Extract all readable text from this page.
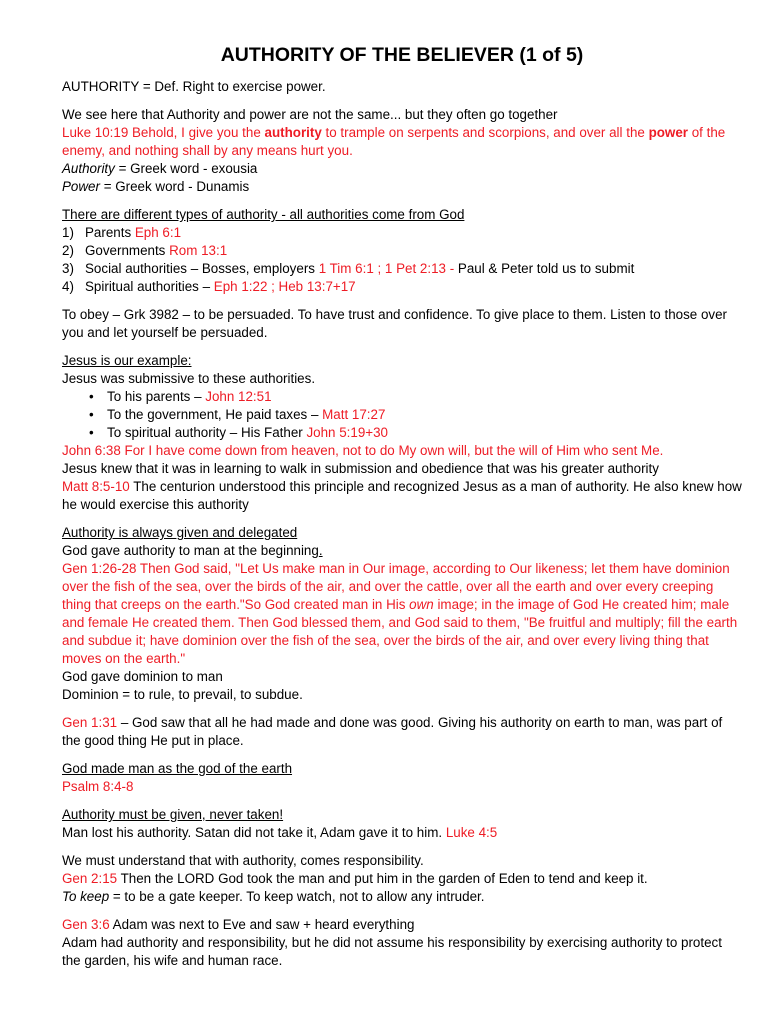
AUTHORITY OF THE BELIEVER (1 of 5)

AUTHORITY = Def. Right to exercise power.

We see here that Authority and power are not the same... but they often go together

Luke 10:19 Behold, I give you the authority to trample on serpents and scorpions, and over all the power of the enemy, and nothing shall by any means hurt you.

Authority = Greek word - exousia

Power = Greek word - Dunamis

There are different types of authority - all authorities come from God

1) Parents Eph 6:1

2) Governments Rom 13:1

3) Social authorities – Bosses, employers 1 Tim 6:1 ; 1 Pet 2:13 - Paul & Peter told us to submit

4) Spiritual authorities – Eph 1:22 ; Heb 13:7+17

To obey – Grk 3982 – to be persuaded. To have trust and confidence. To give place to them. Listen to those over you and let yourself be persuaded.

Jesus is our example:

Jesus was submissive to these authorities.

• To his parents – John 12:51

• To the government, He paid taxes – Matt 17:27

• To spiritual authority – His Father John 5:19+30

John 6:38 For I have come down from heaven, not to do My own will, but the will of Him who sent Me.

Jesus knew that it was in learning to walk in submission and obedience that was his greater authority

Matt 8:5-10 The centurion understood this principle and recognized Jesus as a man of authority. He also knew how he would exercise this authority

Authority is always given and delegated

God gave authority to man at the beginning.

Gen 1:26-28 Then God said, "Let Us make man in Our image, according to Our likeness; let them have dominion over the fish of the sea, over the birds of the air, and over the cattle, over all the earth and over every creeping thing that creeps on the earth."So God created man in His own image; in the image of God He created him; male and female He created them. Then God blessed them, and God said to them, "Be fruitful and multiply; fill the earth and subdue it; have dominion over the fish of the sea, over the birds of the air, and over every living thing that moves on the earth."

God gave dominion to man

Dominion = to rule, to prevail, to subdue.

Gen 1:31 – God saw that all he had made and done was good. Giving his authority on earth to man, was part of the good thing He put in place.

God made man as the god of the earth

Psalm 8:4-8

Authority must be given, never taken!

Man lost his authority. Satan did not take it, Adam gave it to him. Luke 4:5

We must understand that with authority, comes responsibility.

Gen 2:15 Then the LORD God took the man and put him in the garden of Eden to tend and keep it.

To keep = to be a gate keeper. To keep watch, not to allow any intruder.

Gen 3:6 Adam was next to Eve and saw + heard everything

Adam had authority and responsibility, but he did not assume his responsibility by exercising authority to protect the garden, his wife and human race.
